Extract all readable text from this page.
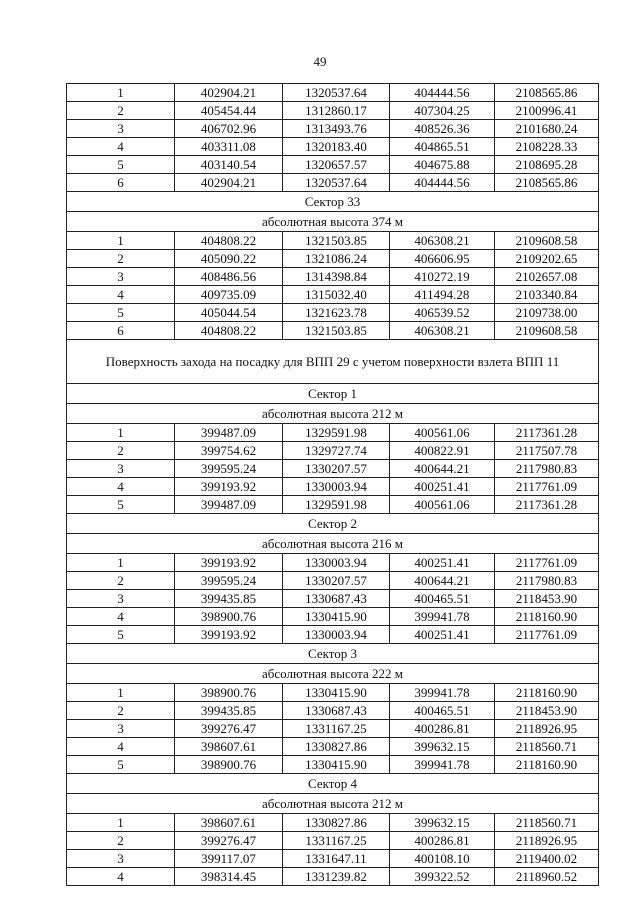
49
1	402904.21	1320537.64	404444.56	2108565.86
2	405454.44	1312860.17	407304.25	2100996.41
3	406702.96	1313493.76	408526.36	2101680.24
4	403311.08	1320183.40	404865.51	2108228.33
5	403140.54	1320657.57	404675.88	2108695.28
6	402904.21	1320537.64	404444.56	2108565.86
Сектор 33				
абсолютная высота 374 м				
1	404808.22	1321503.85	406308.21	2109608.58
2	405090.22	1321086.24	406606.95	2109202.65
3	408486.56	1314398.84	410272.19	2102657.08
4	409735.09	1315032.40	411494.28	2103340.84
5	405044.54	1321623.78	406539.52	2109738.00
6	404808.22	1321503.85	406308.21	2109608.58
Поверхность захода на посадку для ВПП 29 с учетом поверхности взлета ВПП 11				
Сектор 1				
абсолютная высота 212 м				
1	399487.09	1329591.98	400561.06	2117361.28
2	399754.62	1329727.74	400822.91	2117507.78
3	399595.24	1330207.57	400644.21	2117980.83
4	399193.92	1330003.94	400251.41	2117761.09
5	399487.09	1329591.98	400561.06	2117361.28
Сектор 2				
абсолютная высота 216 м				
1	399193.92	1330003.94	400251.41	2117761.09
2	399595.24	1330207.57	400644.21	2117980.83
3	399435.85	1330687.43	400465.51	2118453.90
4	398900.76	1330415.90	399941.78	2118160.90
5	399193.92	1330003.94	400251.41	2117761.09
Сектор 3				
абсолютная высота 222 м				
1	398900.76	1330415.90	399941.78	2118160.90
2	399435.85	1330687.43	400465.51	2118453.90
3	399276.47	1331167.25	400286.81	2118926.95
4	398607.61	1330827.86	399632.15	2118560.71
5	398900.76	1330415.90	399941.78	2118160.90
Сектор 4				
абсолютная высота 212 м				
1	398607.61	1330827.86	399632.15	2118560.71
2	399276.47	1331167.25	400286.81	2118926.95
3	399117.07	1331647.11	400108.10	2119400.02
4	398314.45	1331239.82	399322.52	2118960.52
